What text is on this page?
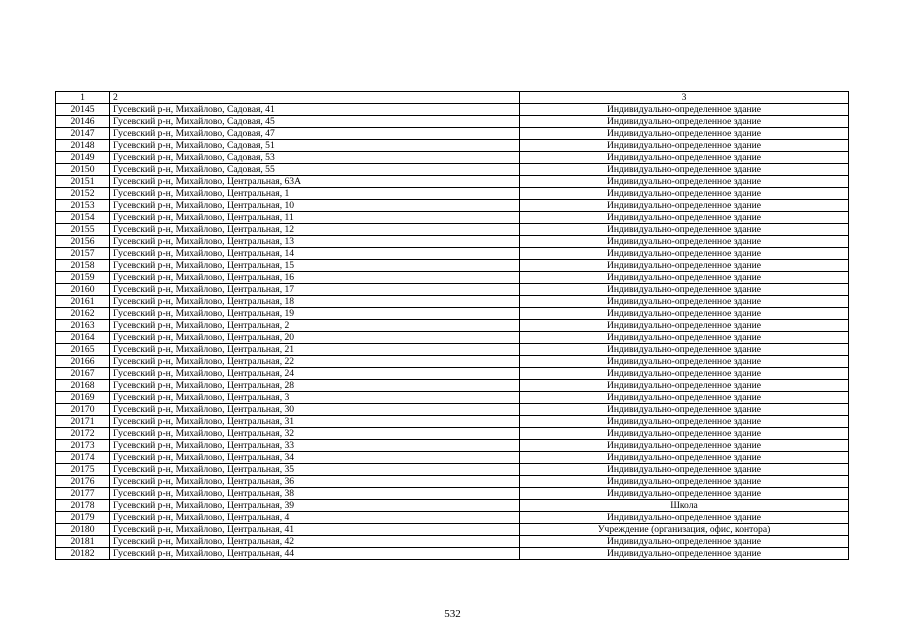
1	2	3
20145	Гусевский р-н, Михайлово, Садовая, 41	Индивидуально-определенное здание
20146	Гусевский р-н, Михайлово, Садовая, 45	Индивидуально-определенное здание
20147	Гусевский р-н, Михайлово, Садовая, 47	Индивидуально-определенное здание
20148	Гусевский р-н, Михайлово, Садовая, 51	Индивидуально-определенное здание
20149	Гусевский р-н, Михайлово, Садовая, 53	Индивидуально-определенное здание
20150	Гусевский р-н, Михайлово, Садовая, 55	Индивидуально-определенное здание
20151	Гусевский р-н, Михайлово, Центральная, 63А	Индивидуально-определенное здание
20152	Гусевский р-н, Михайлово, Центральная, 1	Индивидуально-определенное здание
20153	Гусевский р-н, Михайлово, Центральная, 10	Индивидуально-определенное здание
20154	Гусевский р-н, Михайлово, Центральная, 11	Индивидуально-определенное здание
20155	Гусевский р-н, Михайлово, Центральная, 12	Индивидуально-определенное здание
20156	Гусевский р-н, Михайлово, Центральная, 13	Индивидуально-определенное здание
20157	Гусевский р-н, Михайлово, Центральная, 14	Индивидуально-определенное здание
20158	Гусевский р-н, Михайлово, Центральная, 15	Индивидуально-определенное здание
20159	Гусевский р-н, Михайлово, Центральная, 16	Индивидуально-определенное здание
20160	Гусевский р-н, Михайлово, Центральная, 17	Индивидуально-определенное здание
20161	Гусевский р-н, Михайлово, Центральная, 18	Индивидуально-определенное здание
20162	Гусевский р-н, Михайлово, Центральная, 19	Индивидуально-определенное здание
20163	Гусевский р-н, Михайлово, Центральная, 2	Индивидуально-определенное здание
20164	Гусевский р-н, Михайлово, Центральная, 20	Индивидуально-определенное здание
20165	Гусевский р-н, Михайлово, Центральная, 21	Индивидуально-определенное здание
20166	Гусевский р-н, Михайлово, Центральная, 22	Индивидуально-определенное здание
20167	Гусевский р-н, Михайлово, Центральная, 24	Индивидуально-определенное здание
20168	Гусевский р-н, Михайлово, Центральная, 28	Индивидуально-определенное здание
20169	Гусевский р-н, Михайлово, Центральная, 3	Индивидуально-определенное здание
20170	Гусевский р-н, Михайлово, Центральная, 30	Индивидуально-определенное здание
20171	Гусевский р-н, Михайлово, Центральная, 31	Индивидуально-определенное здание
20172	Гусевский р-н, Михайлово, Центральная, 32	Индивидуально-определенное здание
20173	Гусевский р-н, Михайлово, Центральная, 33	Индивидуально-определенное здание
20174	Гусевский р-н, Михайлово, Центральная, 34	Индивидуально-определенное здание
20175	Гусевский р-н, Михайлово, Центральная, 35	Индивидуально-определенное здание
20176	Гусевский р-н, Михайлово, Центральная, 36	Индивидуально-определенное здание
20177	Гусевский р-н, Михайлово, Центральная, 38	Индивидуально-определенное здание
20178	Гусевский р-н, Михайлово, Центральная, 39	Школа
20179	Гусевский р-н, Михайлово, Центральная, 4	Индивидуально-определенное здание
20180	Гусевский р-н, Михайлово, Центральная, 41	Учреждение (организация, офис, контора)
20181	Гусевский р-н, Михайлово, Центральная, 42	Индивидуально-определенное здание
20182	Гусевский р-н, Михайлово, Центральная, 44	Индивидуально-определенное здание
532
